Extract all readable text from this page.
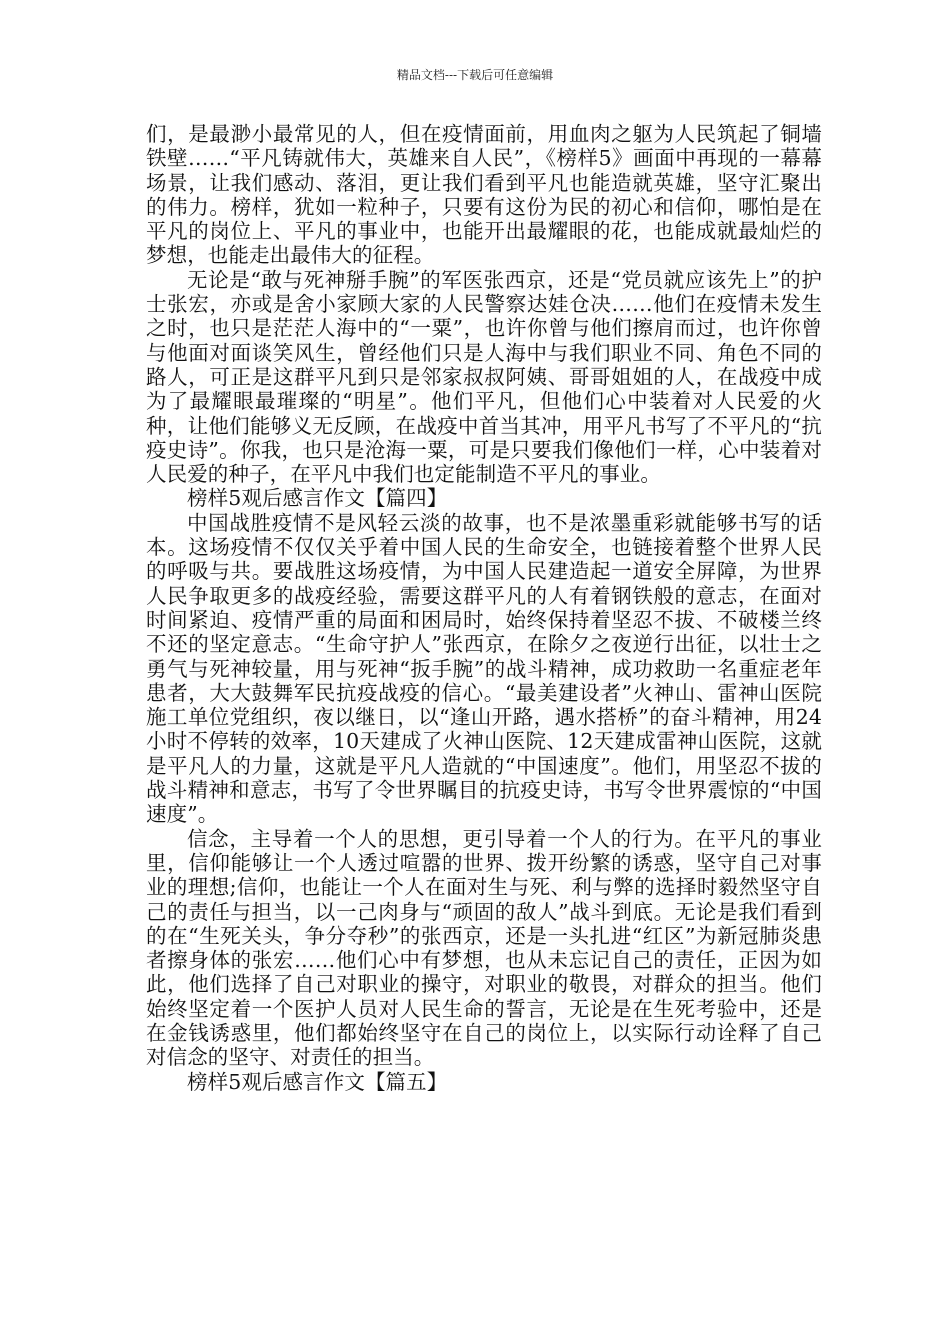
精品文档---下载后可任意编辑

们，是最渺小最常见的人，但在疫情面前，用血肉之躯为人民筑起了铜墙铁壁……“平凡铸就伟大，英雄来自人民”，《榜样5》画面中再现的一幕幕场景，让我们感动、落泪，更让我们看到平凡也能造就英雄，坚守汇聚出的伟力。榜样，犹如一粒种子，只要有这份为民的初心和信仰，哪怕是在平凡的岗位上、平凡的事业中，也能开出最耀眼的花，也能成就最灿烂的梦想，也能走出最伟大的征程。

无论是“敢与死神掰手腕”的军医张西京，还是“党员就应该先上”的护士张宏，亦或是舍小家顾大家的人民警察达娃仓决……他们在疫情未发生之时，也只是茫茫人海中的“一粟”，也许你曾与他们擦肩而过，也许你曾与他面对面谈笑风生，曾经他们只是人海中与我们职业不同、角色不同的路人，可正是这群平凡到只是邻家叔叔阿姨、哥哥姐姐的人，在战疫中成为了最耀眼最璀璨的“明星”。他们平凡，但他们心中装着对人民爱的火种，让他们能够义无反顾，在战疫中首当其冲，用平凡书写了不平凡的“抗疫史诗”。你我，也只是沧海一粟，可是只要我们像他们一样，心中装着对人民爱的种子，在平凡中我们也定能制造不平凡的事业。

榜样5观后感言作文【篇四】

中国战胜疫情不是风轻云淡的故事，也不是浓墨重彩就能够书写的话本。这场疫情不仅仅关乎着中国人民的生命安全，也链接着整个世界人民的呼吸与共。要战胜这场疫情，为中国人民建造起一道安全屏障，为世界人民争取更多的战疫经验，需要这群平凡的人有着钢铁般的意志，在面对时间紧迫、疫情严重的局面和困局时，始终保持着坚忍不拔、不破楼兰终不还的坚定意志。“生命守护人”张西京，在除夕之夜逆行出征，以壮士之勇气与死神较量，用与死神“扳手腕”的战斗精神，成功救助一名重症老年患者，大大鼓舞军民抗疫战疫的信心。“最美建设者”火神山、雷神山医院施工单位党组织，夜以继日，以“逢山开路，遇水搭桥”的奋斗精神，用24小时不停转的效率，10天建成了火神山医院、12天建成雷神山医院，这就是平凡人的力量，这就是平凡人造就的“中国速度”。他们，用坚忍不拔的战斗精神和意志，书写了令世界瞩目的抗疫史诗，书写令世界震惊的“中国速度”。

信念，主导着一个人的思想，更引导着一个人的行为。在平凡的事业里，信仰能够让一个人透过喧嚣的世界、拨开纷繁的诱惑，坚守自己对事业的理想;信仰，也能让一个人在面对生与死、利与弊的选择时毅然坚守自己的责任与担当，以一己肉身与“顽固的敌人”战斗到底。无论是我们看到的在“生死关头，争分夺秒”的张西京，还是一头扎进“红区”为新冠肺炎患者擦身体的张宏……他们心中有梦想，也从未忘记自己的责任，正因为如此，他们选择了自己对职业的操守，对职业的敬畏，对群众的担当。他们始终坚定着一个医护人员对人民生命的誓言，无论是在生死考验中，还是在金钱诱惑里，他们都始终坚守在自己的岗位上，以实际行动诠释了自己对信念的坚守、对责任的担当。

榜样5观后感言作文【篇五】
